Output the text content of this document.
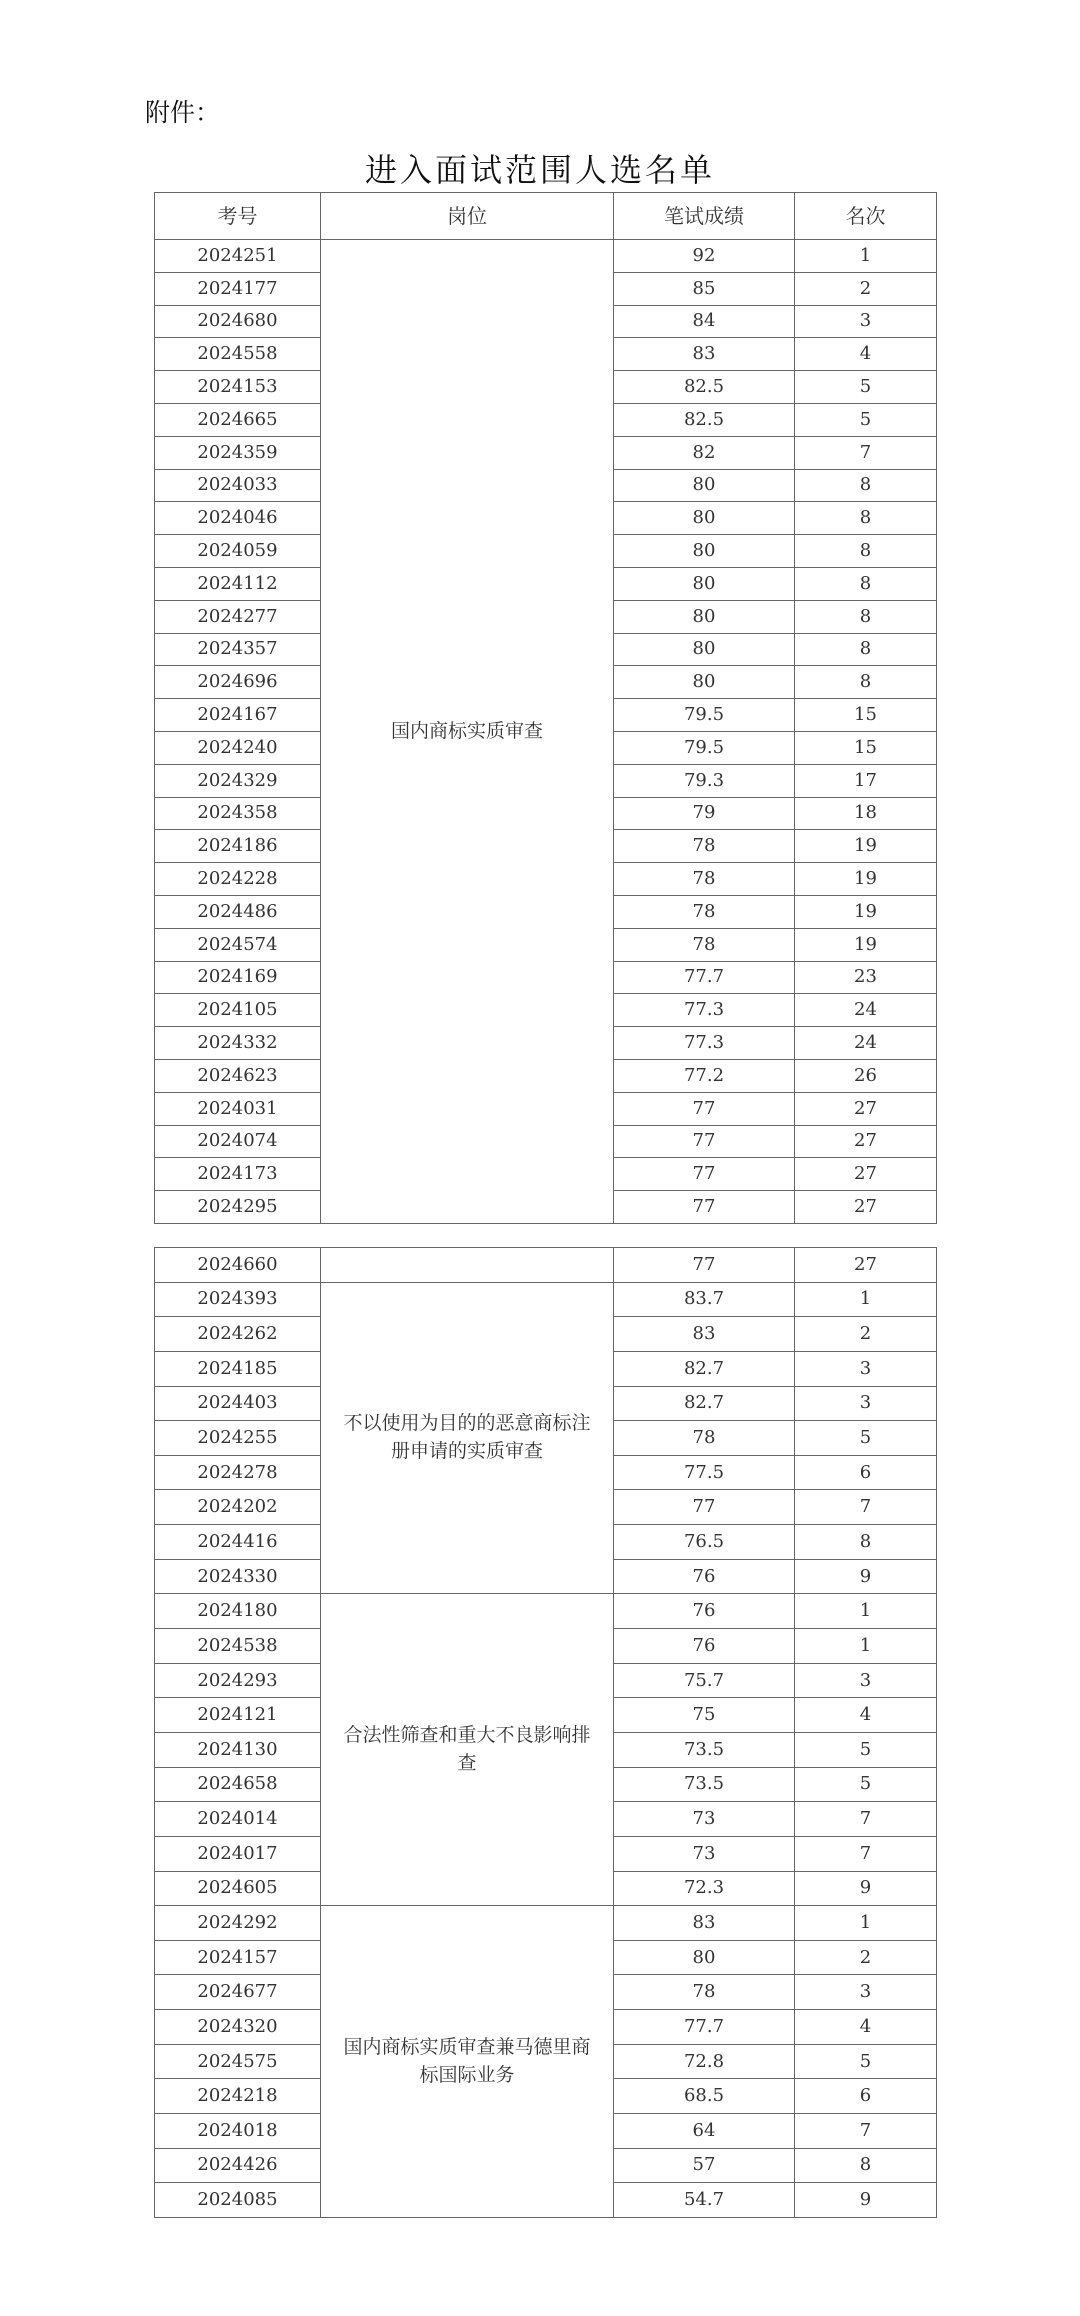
附件：
进入面试范围人选名单
考号	岗位	笔试成绩	名次
2024251	国内商标实质审查	92	1
2024177		85	2
2024680		84	3
2024558		83	4
2024153		82.5	5
2024665		82.5	5
2024359		82	7
2024033		80	8
2024046		80	8
2024059		80	8
2024112		80	8
2024277		80	8
2024357		80	8
2024696		80	8
2024167		79.5	15
2024240		79.5	15
2024329		79.3	17
2024358		79	18
2024186		78	19
2024228		78	19
2024486		78	19
2024574		78	19
2024169		77.7	23
2024105		77.3	24
2024332		77.3	24
2024623		77.2	26
2024031		77	27
2024074		77	27
2024173		77	27
2024295		77	27
2024660		77	27
2024393	不以使用为目的的恶意商标注册申请的实质审查	83.7	1
2024262		83	2
2024185		82.7	3
2024403		82.7	3
2024255		78	5
2024278		77.5	6
2024202		77	7
2024416		76.5	8
2024330		76	9
2024180	合法性筛查和重大不良影响排查	76	1
2024538		76	1
2024293		75.7	3
2024121		75	4
2024130		73.5	5
2024658		73.5	5
2024014		73	7
2024017		73	7
2024605		72.3	9
2024292	国内商标实质审查兼马德里商标国际业务	83	1
2024157		80	2
2024677		78	3
2024320		77.7	4
2024575		72.8	5
2024218		68.5	6
2024018		64	7
2024426		57	8
2024085		54.7	9
